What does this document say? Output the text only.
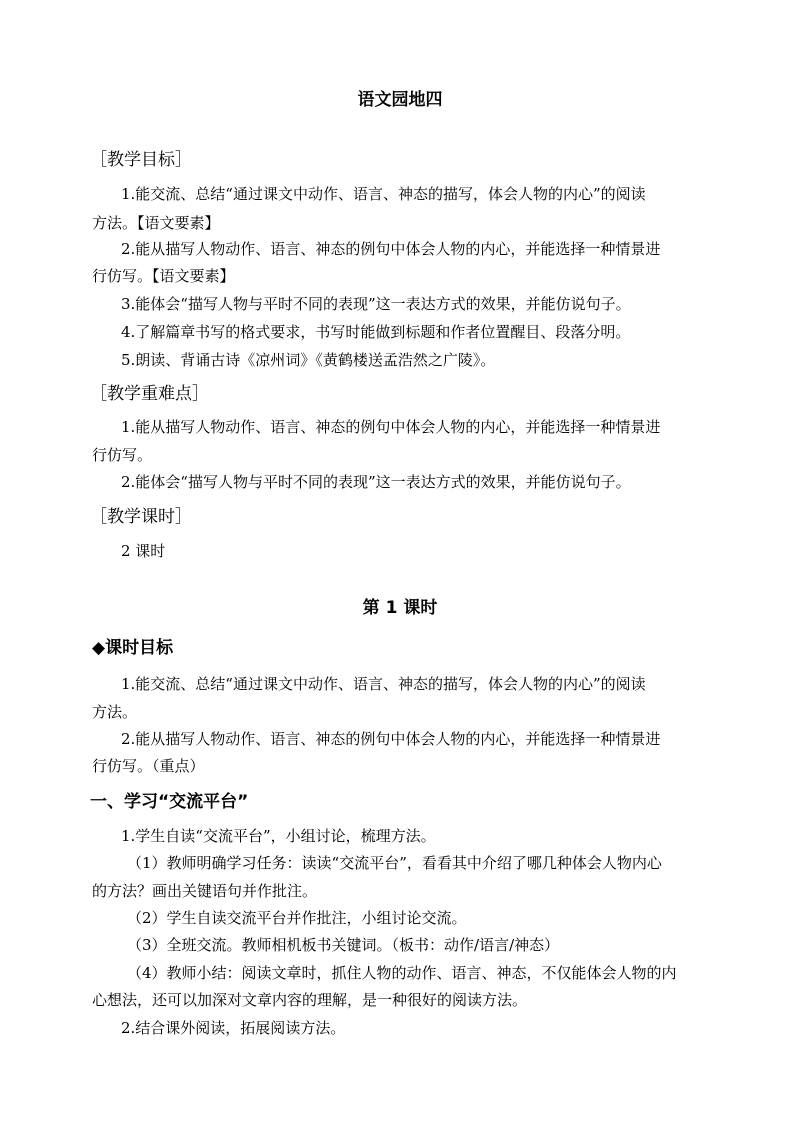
语文园地四
［教学目标］
1.能交流、总结“通过课文中动作、语言、神态的描写，体会人物的内心”的阅读
方法。【语文要素】
2.能从描写人物动作、语言、神态的例句中体会人物的内心，并能选择一种情景进
行仿写。【语文要素】
3.能体会“描写人物与平时不同的表现”这一表达方式的效果，并能仿说句子。
4.了解篇章书写的格式要求，书写时能做到标题和作者位置醒目、段落分明。
5.朗读、背诵古诗《凉州词》《黄鹤楼送孟浩然之广陵》。
［教学重难点］
1.能从描写人物动作、语言、神态的例句中体会人物的内心，并能选择一种情景进
行仿写。
2.能体会“描写人物与平时不同的表现”这一表达方式的效果，并能仿说句子。
［教学课时］
2 课时
第 1 课时
◆课时目标
1.能交流、总结“通过课文中动作、语言、神态的描写，体会人物的内心”的阅读
方法。
2.能从描写人物动作、语言、神态的例句中体会人物的内心，并能选择一种情景进
行仿写。（重点）
一、学习“交流平台”
1.学生自读“交流平台”，小组讨论，梳理方法。
（1）教师明确学习任务：读读“交流平台”，看看其中介绍了哪几种体会人物内心
的方法？画出关键语句并作批注。
（2）学生自读交流平台并作批注，小组讨论交流。
（3）全班交流。教师相机板书关键词。（板书：动作/语言/神态）
（4）教师小结：阅读文章时，抓住人物的动作、语言、神态，不仅能体会人物的内
心想法，还可以加深对文章内容的理解，是一种很好的阅读方法。
2.结合课外阅读，拓展阅读方法。
